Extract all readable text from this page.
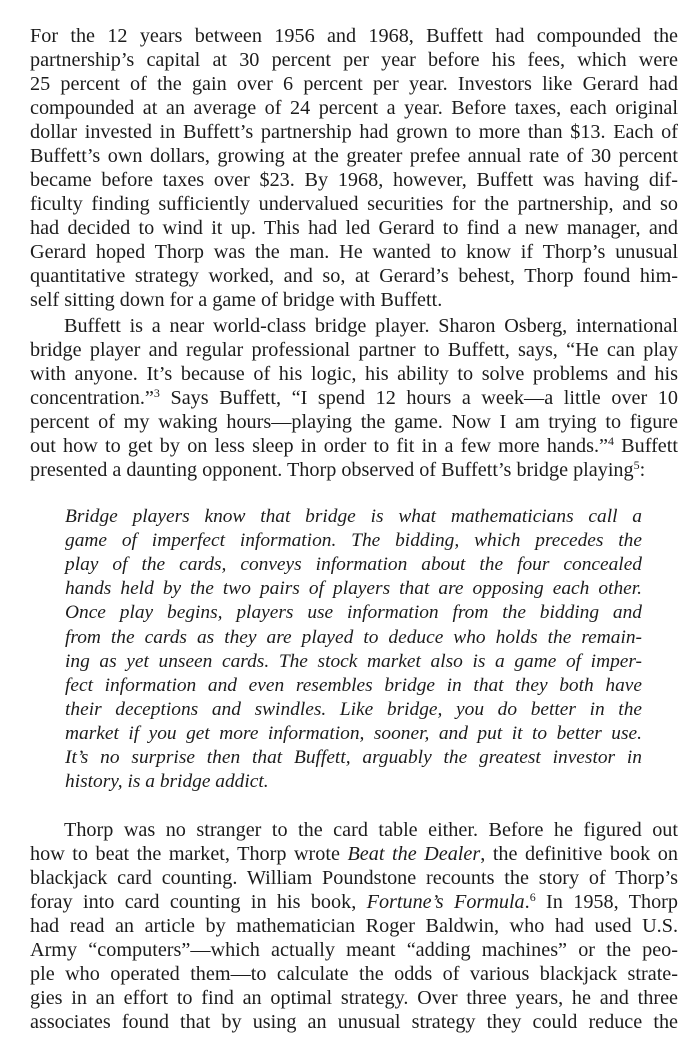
For the 12 years between 1956 and 1968, Buffett had compounded the
partnership’s capital at 30 percent per year before his fees, which were
25 percent of the gain over 6 percent per year. Investors like Gerard had
compounded at an average of 24 percent a year. Before taxes, each original
dollar invested in Buffett’s partnership had grown to more than $13. Each of
Buffett’s own dollars, growing at the greater prefee annual rate of 30 percent
became before taxes over $23. By 1968, however, Buffett was having dif-
ficulty finding sufficiently undervalued securities for the partnership, and so
had decided to wind it up. This had led Gerard to find a new manager, and
Gerard hoped Thorp was the man. He wanted to know if Thorp’s unusual
quantitative strategy worked, and so, at Gerard’s behest, Thorp found him-
self sitting down for a game of bridge with Buffett.
Buffett is a near world-class bridge player. Sharon Osberg, international
bridge player and regular professional partner to Buffett, says, “He can play
with anyone. It’s because of his logic, his ability to solve problems and his
concentration.”$^3$ Says Buffett, “I spend 12 hours a week—a little over 10
percent of my waking hours—playing the game. Now I am trying to figure
out how to get by on less sleep in order to fit in a few more hands.”$^4$ Buffett
presented a daunting opponent. Thorp observed of Buffett’s bridge playing$^5$:
Bridge players know that bridge is what mathematicians call a
game of imperfect information. The bidding, which precedes the
play of the cards, conveys information about the four concealed
hands held by the two pairs of players that are opposing each other.
Once play begins, players use information from the bidding and
from the cards as they are played to deduce who holds the remain-
ing as yet unseen cards. The stock market also is a game of imper-
fect information and even resembles bridge in that they both have
their deceptions and swindles. Like bridge, you do better in the
market if you get more information, sooner, and put it to better use.
It’s no surprise then that Buffett, arguably the greatest investor in
history, is a bridge addict.
Thorp was no stranger to the card table either. Before he figured out
how to beat the market, Thorp wrote Beat the Dealer, the definitive book on
blackjack card counting. William Poundstone recounts the story of Thorp’s
foray into card counting in his book, Fortune’s Formula.$^6$ In 1958, Thorp
had read an article by mathematician Roger Baldwin, who had used U.S.
Army “computers”—which actually meant “adding machines” or the peo-
ple who operated them—to calculate the odds of various blackjack strate-
gies in an effort to find an optimal strategy. Over three years, he and three
associates found that by using an unusual strategy they could reduce the
